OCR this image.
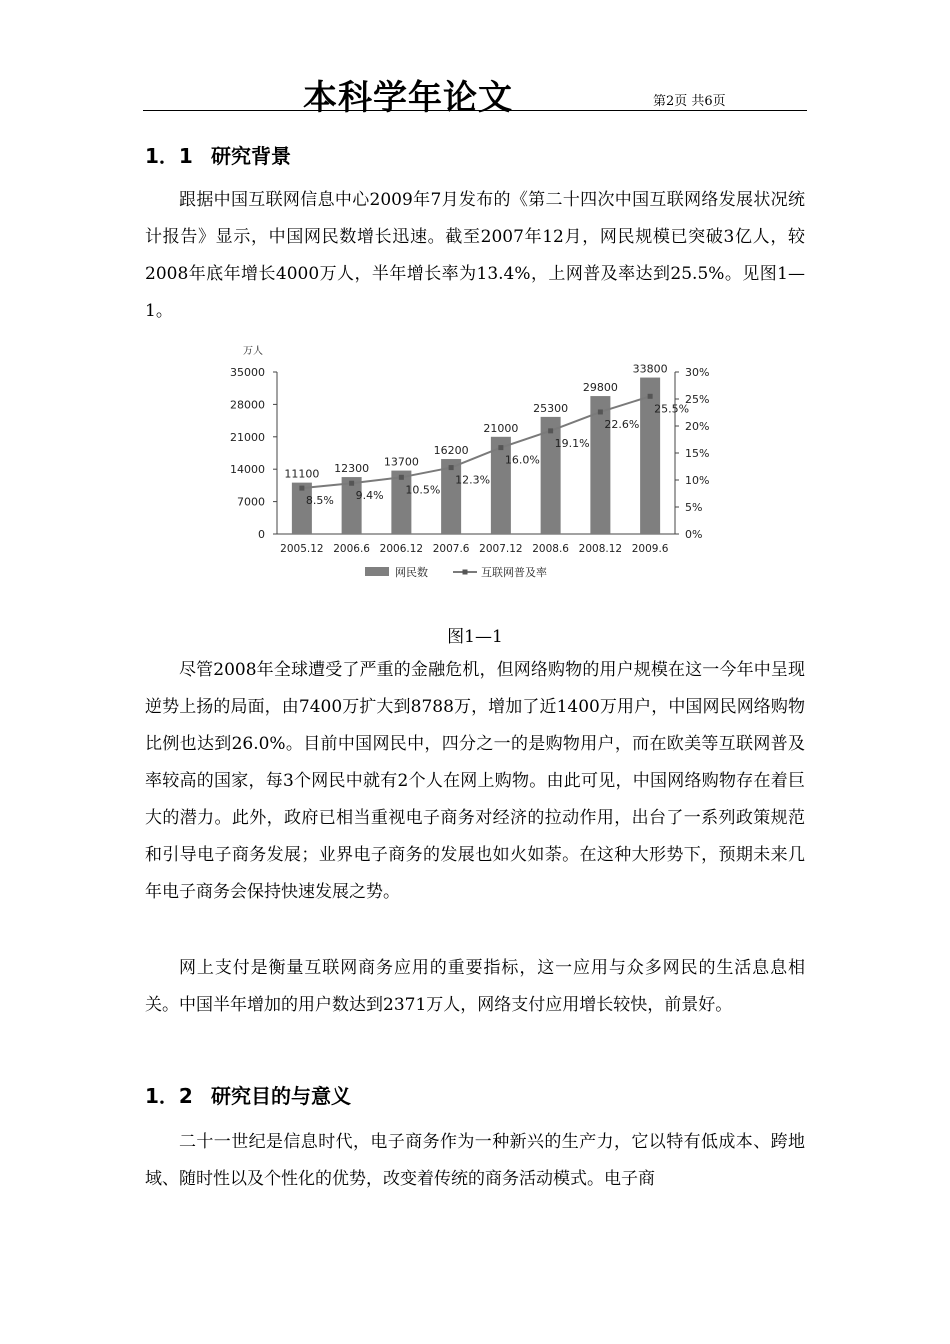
本科学年论文	第2页 共6页
1．1 研究背景

跟据中国互联网信息中心2009年7月发布的《第二十四次中国互联网络发展状况统计报告》显示，中国网民数增长迅速。截至2007年12月，网民规模已突破3亿人，较2008年底年增长4000万人，半年增长率为13.4%，上网普及率达到25.5%。见图1—1。

万人
0
7000
14000
21000
28000
35000
0%
5%
10%
15%
20%
25%
30%
11100 12300 13700
16200
21000
25300
29800
33800
8.5% 9.4% 10.5%
12.3%
16.0%
19.1%
22.6%
25.5%
2005.12 2006.6 2006.12 2007.6 2007.12 2008.6 2008.12 2009.6
网民数	互联网普及率
图1—1

尽管2008年全球遭受了严重的金融危机，但网络购物的用户规模在这一今年中呈现逆势上扬的局面，由7400万扩大到8788万，增加了近1400万用户，中国网民网络购物比例也达到26.0%。目前中国网民中，四分之一的是购物用户，而在欧美等互联网普及率较高的国家，每3个网民中就有2个人在网上购物。由此可见，中国网络购物存在着巨大的潜力。此外，政府已相当重视电子商务对经济的拉动作用，出台了一系列政策规范和引导电子商务发展；业界电子商务的发展也如火如荼。在这种大形势下，预期未来几年电子商务会保持快速发展之势。

网上支付是衡量互联网商务应用的重要指标，这一应用与众多网民的生活息息相关。中国半年增加的用户数达到2371万人，网络支付应用增长较快，前景好。

1．2 研究目的与意义

二十一世纪是信息时代，电子商务作为一种新兴的生产力，它以特有低成本、跨地域、随时性以及个性化的优势，改变着传统的商务活动模式。电子商
